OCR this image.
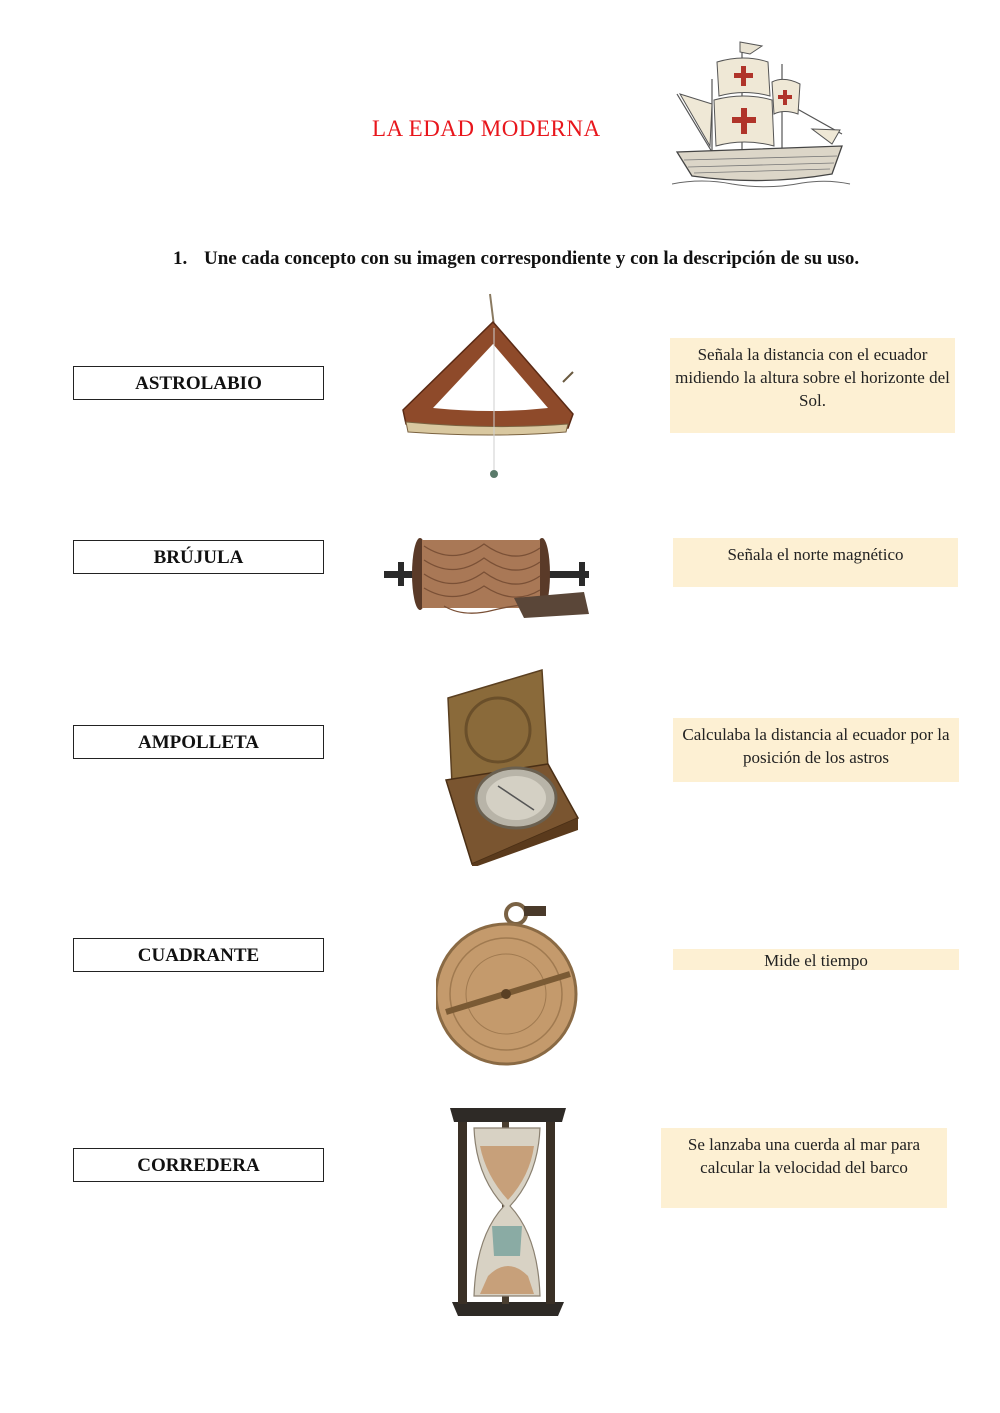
LA EDAD MODERNA
1. Une cada concepto con su imagen correspondiente y con la descripción de su uso.
ASTROLABIO
BRÚJULA
AMPOLLETA
CUADRANTE
CORREDERA
Señala la distancia con el ecuador midiendo la altura sobre el horizonte del Sol.
Señala el norte magnético
Calculaba la distancia al ecuador por la posición de los astros
Mide el tiempo
Se lanzaba una cuerda al mar para calcular la velocidad del barco
